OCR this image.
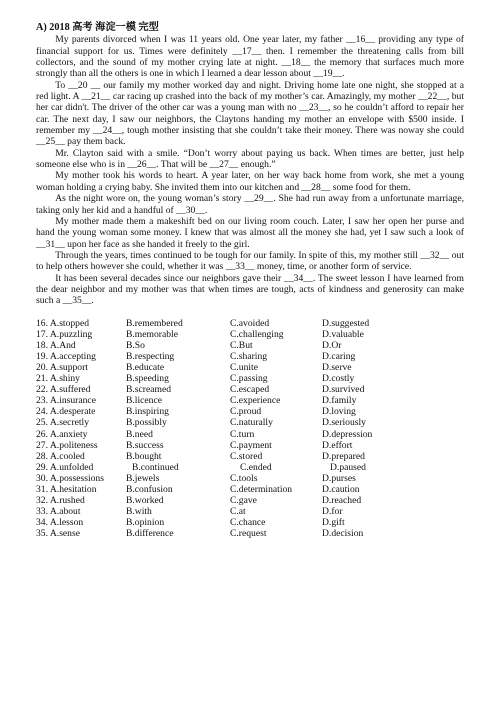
A) 2018 高考 海淀一模 完型

My parents divorced when I was 11 years old. One year later, my father __16__ providing any type of financial support for us. Times were definitely __17__ then. I remember the threatening calls from bill collectors, and the sound of my mother crying late at night. __18__ the memory that surfaces much more strongly than all the others is one in which I learned a dear lesson about __19__.

To __20 __ our family my mother worked day and night. Driving home late one night, she stopped at a red light. A __21__ car racing up crashed into the back of my mother’s car. Amazingly, my mother __22__, but her car didn't. The driver of the other car was a young man with no __23__, so he couldn’t afford to repair her car. The next day, I saw our neighbors, the Claytons handing my mother an envelope with $500 inside. I remember my __24__, tough mother insisting that she couldn’t take their money. There was noway she could __25__ pay them back.

Mr. Clayton said with a smile. “Don’t worry about paying us back. When times are better, just help someone else who is in __26__. That will be __27__ enough.”

My mother took his words to heart. A year later, on her way back home from work, she met a young woman holding a crying baby. She invited them into our kitchen and __28__ some food for them.

As the night wore on, the young woman’s story __29__. She had run away from a unfortunate marriage, taking only her kid and a handful of __30__.

My mother made them a makeshift bed on our living room couch. Later, I saw her open her purse and hand the young woman some money. I knew that was almost all the money she had, yet I saw such a look of __31__ upon her face as she handed it freely to the girl.

Through the years, times continued to be tough for our family. In spite of this, my mother still __32__ out to help others however she could, whether it was __33__ money, time, or another form of service.

It has been several decades since our neighbors gave their __34__. The sweet lesson I have learned from the dear neighbor and my mother was that when times are tough, acts of kindness and generosity can make such a __35__.

16. A.stopped	B.remembered	C.avoided	D.suggested
17. A.puzzling	B.memorable	C.challenging	D.valuable
18. A.And	B.So	C.But	D.Or
19. A.accepting	B.respecting	C.sharing	D.caring
20. A.support	B.educate	C.unite	D.serve
21. A.shiny	B.speeding	C.passing	D.costly
22. A.suffered	B.screamed	C.escaped	D.survived
23. A.insurance	B.licence	C.experience	D.family
24. A.desperate	B.inspiring	C.proud	D.loving
25. A.secretly	B.possibly	C.naturally	D.seriously
26. A.anxiety	B.need	C.turn	D.depression
27. A.politeness	B.success	C.payment	D.effort
28. A.cooled	B.bought	C.stored	D.prepared
29. A.unfolded	B.continued	C.ended	D.paused
30. A.possessions	B.jewels	C.tools	D.purses
31. A.hesitation	B.confusion	C.determination	D.caution
32. A.rushed	B.worked	C.gave	D.reached
33. A.about	B.with	C.at	D.for
34. A.lesson	B.opinion	C.chance	D.gift
35. A.sense	B.difference	C.request	D.decision
